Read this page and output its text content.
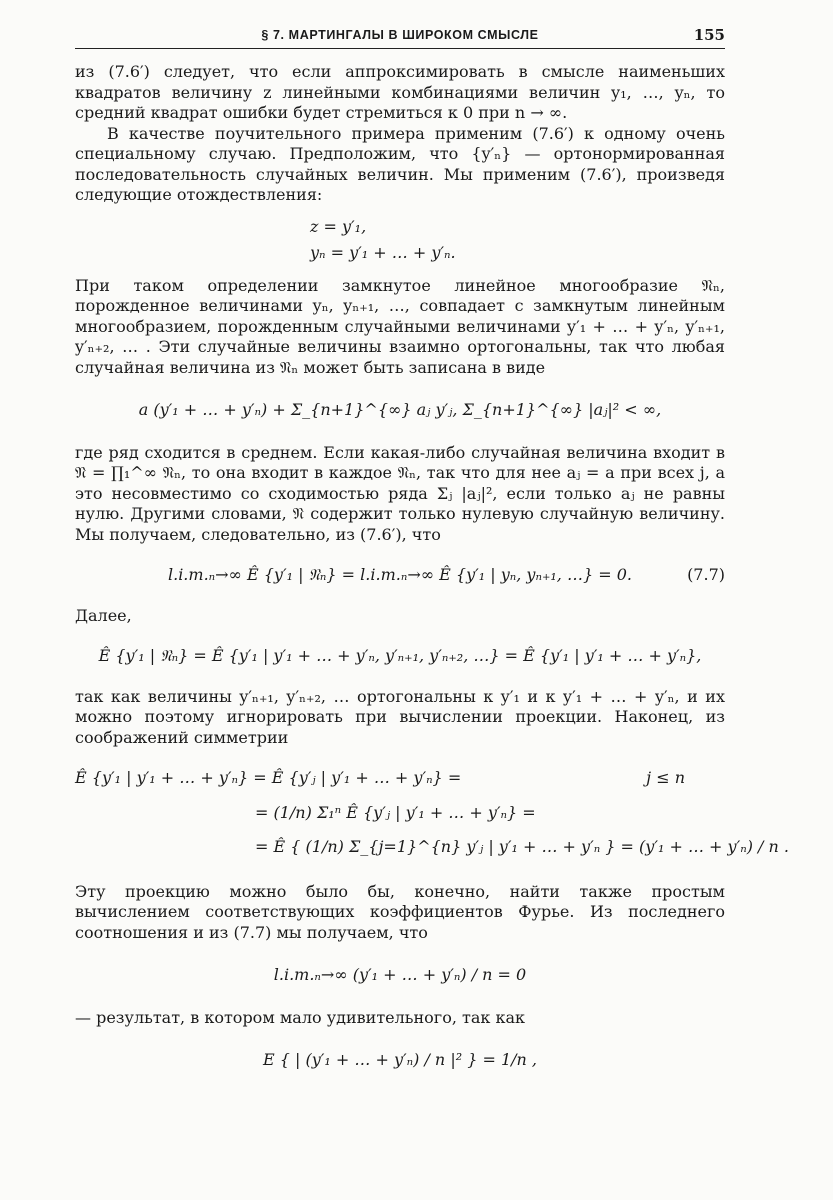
§ 7. МАРТИНГАЛЫ В ШИРОКОМ СМЫСЛЕ	155

из (7.6′) следует, что если аппроксимировать в смысле наименьших квадратов величину z линейными комбинациями величин y₁, …, yₙ, то средний квадрат ошибки будет стремиться к 0 при n → ∞.

В качестве поучительного примера применим (7.6′) к одному очень специальному случаю. Предположим, что {y′ₙ} — ортонормированная последовательность случайных величин. Мы применим (7.6′), произведя следующие отождествления:

z = y′₁,
yₙ = y′₁ + … + y′ₙ.

При таком определении замкнутое линейное многообразие 𝔑ₙ, порожденное величинами yₙ, yₙ₊₁, …, совпадает с замкнутым линейным многообразием, порожденным случайными величинами y′₁ + … + y′ₙ, y′ₙ₊₁, y′ₙ₊₂, … . Эти случайные величины взаимно ортогональны, так что любая случайная величина из 𝔑ₙ может быть записана в виде

a (y′₁ + … + y′ₙ) + Σ_{n+1}^{∞} aⱼ y′ⱼ, Σ_{n+1}^{∞} |aⱼ|² < ∞,

где ряд сходится в среднем. Если какая-либо случайная величина входит в 𝔑 = ∏₁^∞ 𝔑ₙ, то она входит в каждое 𝔑ₙ, так что для нее aⱼ = a при всех j, а это несовместимо со сходимостью ряда Σⱼ |aⱼ|², если только aⱼ не равны нулю. Другими словами, 𝔑 содержит только нулевую случайную величину. Мы получаем, следовательно, из (7.6′), что

l.i.m.ₙ→∞ Ê {y′₁ | 𝔑ₙ} = l.i.m.ₙ→∞ Ê {y′₁ | yₙ, yₙ₊₁, …} = 0.	(7.7)

Далее,

Ê {y′₁ | 𝔑ₙ} = Ê {y′₁ | y′₁ + … + y′ₙ, y′ₙ₊₁, y′ₙ₊₂, …} = Ê {y′₁ | y′₁ + … + y′ₙ},

так как величины y′ₙ₊₁, y′ₙ₊₂, … ортогональны к y′₁ и к y′₁ + … + y′ₙ, и их можно поэтому игнорировать при вычислении проекции. Наконец, из соображений симметрии

Ê {y′₁ | y′₁ + … + y′ₙ} = Ê {y′ⱼ | y′₁ + … + y′ₙ} =	j ≤ n
= (1/n) Σ₁ⁿ Ê {y′ⱼ | y′₁ + … + y′ₙ} =
= Ê { (1/n) Σ_{j=1}^{n} y′ⱼ | y′₁ + … + y′ₙ } = (y′₁ + … + y′ₙ) / n .

Эту проекцию можно было бы, конечно, найти также простым вычислением соответствующих коэффициентов Фурье. Из последнего соотношения и из (7.7) мы получаем, что

l.i.m.ₙ→∞ (y′₁ + … + y′ₙ) / n = 0

— результат, в котором мало удивительного, так как

E { | (y′₁ + … + y′ₙ) / n |² } = 1/n ,
